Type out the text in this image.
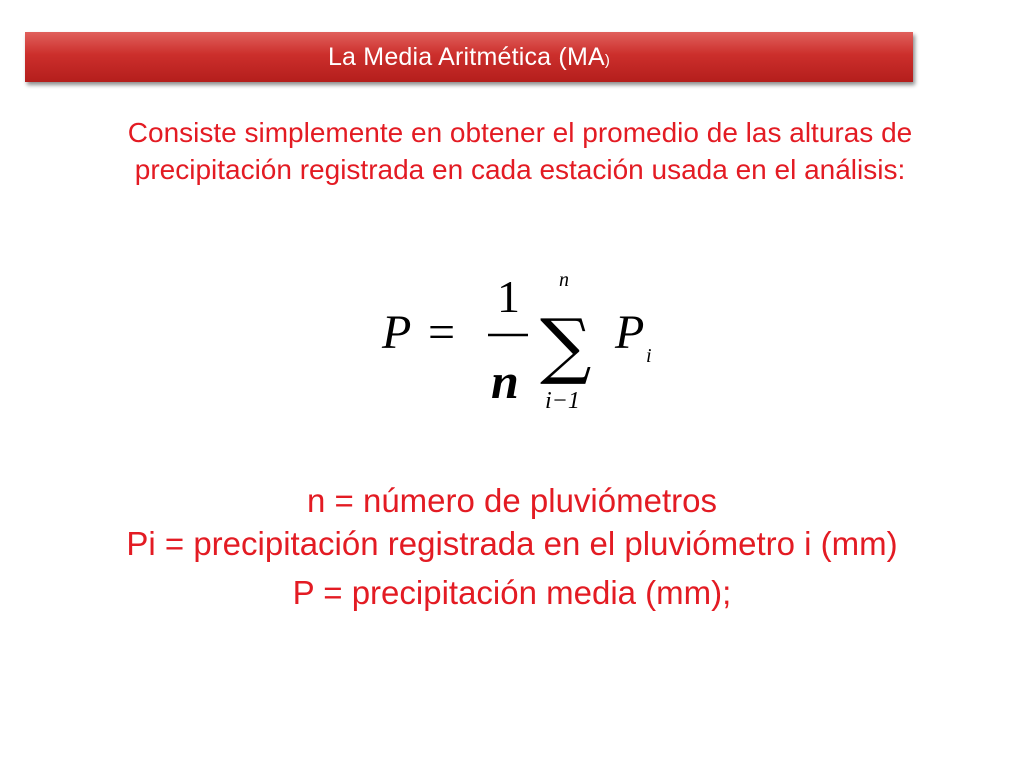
La Media Aritmética (MA)
Consiste simplemente en obtener el promedio de las alturas de precipitación registrada en cada estación usada en el análisis:
P =
1
n
n
∑
i−1
P i
n = número de pluviómetros
Pi = precipitación registrada en el pluviómetro i (mm)
P = precipitación media (mm);
